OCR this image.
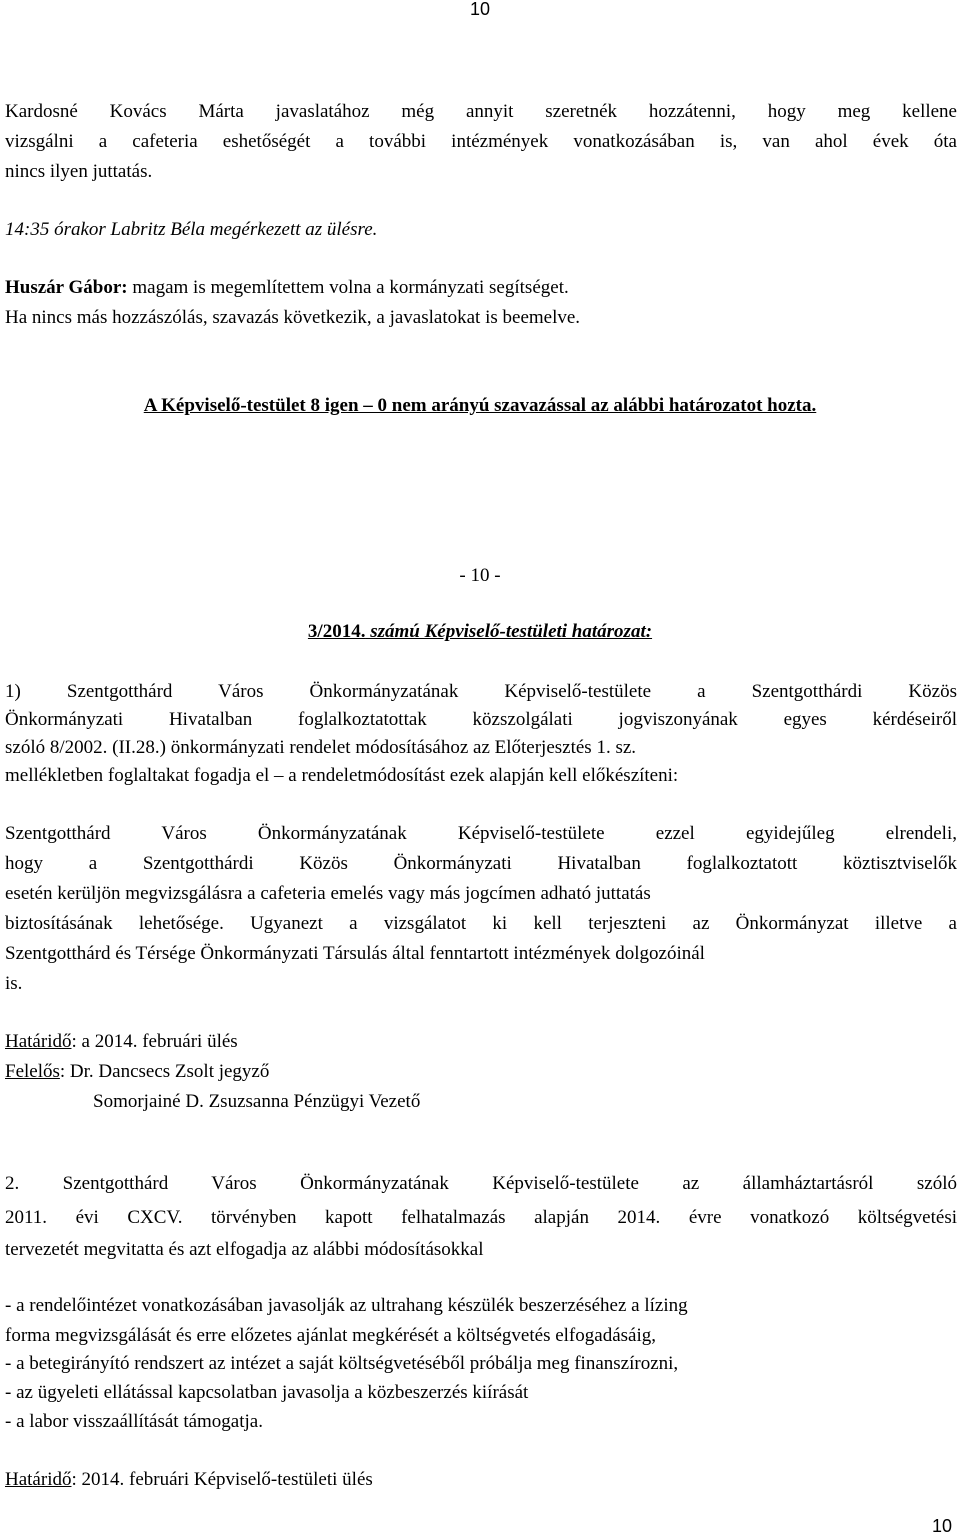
10
Kardosné Kovács Márta javaslatához még annyit szeretnék hozzátenni, hogy meg kellene
vizsgálni a cafeteria eshetőségét a további intézmények vonatkozásában is, van ahol évek óta
nincs ilyen juttatás.
14:35 órakor Labritz Béla megérkezett az ülésre.
Huszár Gábor: magam is megemlítettem volna a kormányzati segítséget.
Ha nincs más hozzászólás, szavazás következik, a javaslatokat is beemelve.
A Képviselő-testület 8 igen – 0 nem arányú szavazással az alábbi határozatot hozta.
- 10 -
3/2014. számú Képviselő-testületi határozat:
1) Szentgotthárd Város Önkormányzatának Képviselő-testülete a Szentgotthárdi Közös
Önkormányzati Hivatalban foglalkoztatottak közszolgálati jogviszonyának egyes kérdéseiről
szóló 8/2002. (II.28.) önkormányzati rendelet módosításához az Előterjesztés 1. sz.
mellékletben foglaltakat fogadja el – a rendeletmódosítást ezek alapján kell előkészíteni:
Szentgotthárd Város Önkormányzatának Képviselő-testülete ezzel egyidejűleg elrendeli,
hogy a Szentgotthárdi Közös Önkormányzati Hivatalban foglalkoztatott köztisztviselők
esetén kerüljön megvizsgálásra a cafeteria emelés vagy más jogcímen adható juttatás
biztosításának lehetősége. Ugyanezt a vizsgálatot ki kell terjeszteni az Önkormányzat illetve a
Szentgotthárd és Térsége Önkormányzati Társulás által fenntartott intézmények dolgozóinál
is.
Határidő: a 2014. februári ülés
Felelős: Dr. Dancsecs Zsolt jegyző
Somorjainé D. Zsuzsanna Pénzügyi Vezető
2. Szentgotthárd Város Önkormányzatának Képviselő-testülete az államháztartásról szóló
2011. évi CXCV. törvényben kapott felhatalmazás alapján 2014. évre vonatkozó költségvetési
tervezetét megvitatta és azt elfogadja az alábbi módosításokkal
- a rendelőintézet vonatkozásában javasolják az ultrahang készülék beszerzéséhez a lízing
forma megvizsgálását és erre előzetes ajánlat megkérését a költségvetés elfogadásáig,
- a betegirányító rendszert az intézet a saját költségvetéséből próbálja meg finanszírozni,
- az ügyeleti ellátással kapcsolatban javasolja a közbeszerzés kiírását
- a labor visszaállítását támogatja.
Határidő: 2014. februári Képviselő-testületi ülés
10
